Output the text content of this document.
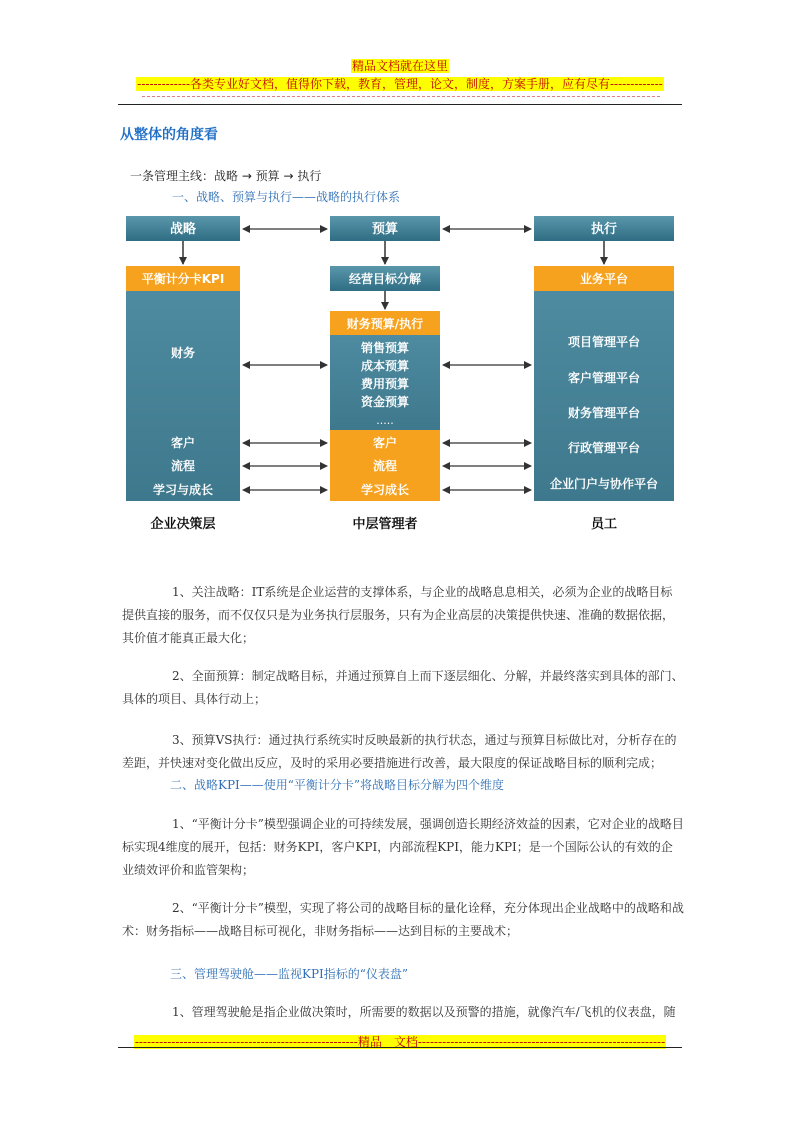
精品文档就在这里
-------------各类专业好文档，值得你下载，教育，管理，论文，制度，方案手册，应有尽有-------------
从整体的角度看
一条管理主线：战略 → 预算 → 执行
一、战略、预算与执行——战略的执行体系
战略
平衡计分卡KPI
财务
客户
流程
学习与成长
企业决策层
预算
经营目标分解
财务预算/执行
销售预算
成本预算
费用预算
资金预算
.....
客户
流程
学习成长
中层管理者
执行
业务平台
项目管理平台
客户管理平台
财务管理平台
行政管理平台
企业门户与协作平台
员工

1、关注战略：IT系统是企业运营的支撑体系，与企业的战略息息相关，必须为企业的战略目标提供直接的服务，而不仅仅只是为业务执行层服务，只有为企业高层的决策提供快速、准确的数据依据，其价值才能真正最大化；

2、全面预算：制定战略目标，并通过预算自上而下逐层细化、分解，并最终落实到具体的部门、具体的项目、具体行动上；

3、预算VS执行：通过执行系统实时反映最新的执行状态，通过与预算目标做比对，分析存在的差距，并快速对变化做出反应，及时的采用必要措施进行改善，最大限度的保证战略目标的顺利完成；

二、战略KPI——使用“平衡计分卡”将战略目标分解为四个维度

1、“平衡计分卡”模型强调企业的可持续发展，强调创造长期经济效益的因素，它对企业的战略目标实现4维度的展开，包括：财务KPI，客户KPI，内部流程KPI，能力KPI；是一个国际公认的有效的企业绩效评价和监管架构；

2、“平衡计分卡”模型，实现了将公司的战略目标的量化诠释，充分体现出企业战略中的战略和战术：财务指标——战略目标可视化，非财务指标——达到目标的主要战术；

三、管理驾驶舱——监视KPI指标的“仪表盘”

1、管理驾驶舱是指企业做决策时，所需要的数据以及预警的措施，就像汽车/飞机的仪表盘，随

-------------------------------------------------------精品　文档-------------------------------------------------------------
